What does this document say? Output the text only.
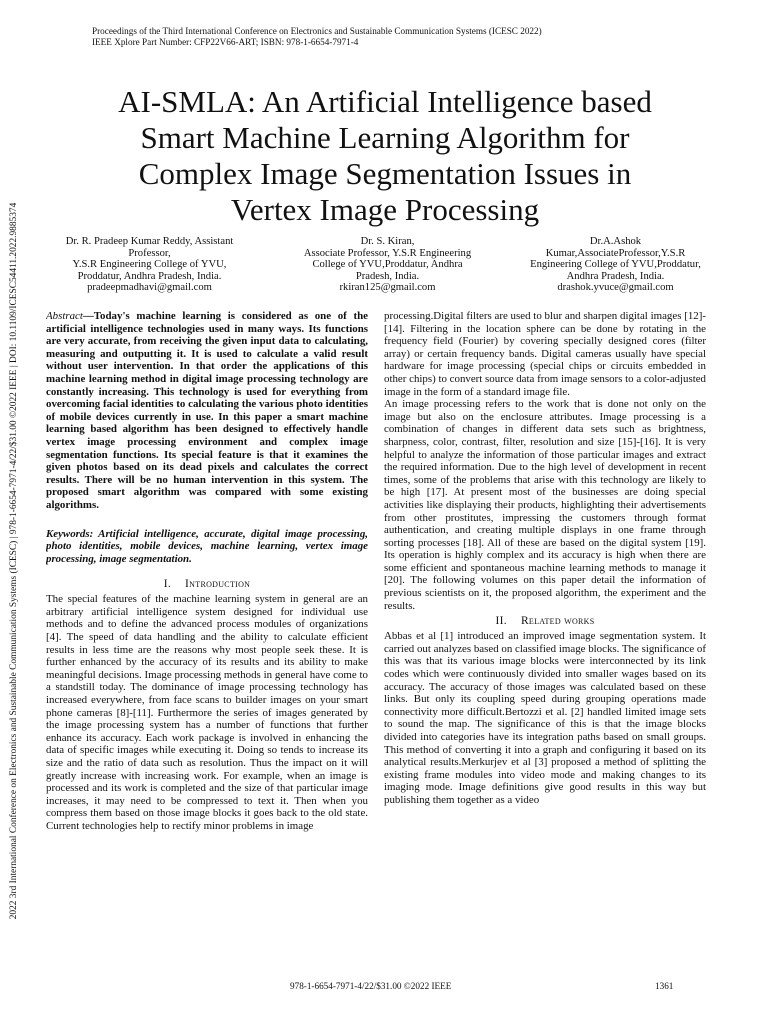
Proceedings of the Third International Conference on Electronics and Sustainable Communication Systems (ICESC 2022)
IEEE Xplore Part Number: CFP22V66-ART; ISBN: 978-1-6654-7971-4
2022 3rd International Conference on Electronics and Sustainable Communication Systems (ICESC) | 978-1-6654-7971-4/22/$31.00 ©2022 IEEE | DOI: 10.1109/ICESC54411.2022.9885374
AI-SMLA: An Artificial Intelligence based
Smart Machine Learning Algorithm for
Complex Image Segmentation Issues in
Vertex Image Processing
Dr. R. Pradeep Kumar Reddy, Assistant
Professor,
Y.S.R Engineering College of YVU,
Proddatur, Andhra Pradesh, India.
pradeepmadhavi@gmail.com
Dr. S. Kiran,
Associate Professor, Y.S.R Engineering
College of YVU,Proddatur, Andhra
Pradesh, India.
rkiran125@gmail.com
Dr.A.Ashok
Kumar,AssociateProfessor,Y.S.R
Engineering College of YVU,Proddatur,
Andhra Pradesh, India.
drashok.yvuce@gmail.com

Abstract—Today's machine learning is considered as one of the artificial intelligence technologies used in many ways. Its functions are very accurate, from receiving the given input data to calculating, measuring and outputting it. It is used to calculate a valid result without user intervention. In that order the applications of this machine learning method in digital image processing technology are constantly increasing. This technology is used for everything from overcoming facial identities to calculating the various photo identities of mobile devices currently in use. In this paper a smart machine learning based algorithm has been designed to effectively handle vertex image processing environment and complex image segmentation functions. Its special feature is that it examines the given photos based on its dead pixels and calculates the correct results. There will be no human intervention in this system. The proposed smart algorithm was compared with some existing algorithms.

Keywords: Artificial intelligence, accurate, digital image processing, photo identities, mobile devices, machine learning, vertex image processing, image segmentation.

I. Introduction

The special features of the machine learning system in general are an arbitrary artificial intelligence system designed for individual use methods and to define the advanced process modules of organizations [4]. The speed of data handling and the ability to calculate efficient results in less time are the reasons why most people seek these. It is further enhanced by the accuracy of its results and its ability to make meaningful decisions. Image processing methods in general have come to a standstill today. The dominance of image processing technology has increased everywhere, from face scans to builder images on your smart phone cameras [8]-[11]. Furthermore the series of images generated by the image processing system has a number of functions that further enhance its accuracy. Each work package is involved in enhancing the data of specific images while executing it. Doing so tends to increase its size and the ratio of data such as resolution. Thus the impact on it will greatly increase with increasing work. For example, when an image is processed and its work is completed and the size of that particular image increases, it may need to be compressed to text it. Then when you compress them based on those image blocks it goes back to the old state. Current technologies help to rectify minor problems in image

processing.Digital filters are used to blur and sharpen digital images [12]-[14]. Filtering in the location sphere can be done by rotating in the frequency field (Fourier) by covering specially designed cores (filter array) or certain frequency bands. Digital cameras usually have special hardware for image processing (special chips or circuits embedded in other chips) to convert source data from image sensors to a color-adjusted image in the form of a standard image file.

An image processing refers to the work that is done not only on the image but also on the enclosure attributes. Image processing is a combination of changes in different data sets such as brightness, sharpness, color, contrast, filter, resolution and size [15]-[16]. It is very helpful to analyze the information of those particular images and extract the required information. Due to the high level of development in recent times, some of the problems that arise with this technology are likely to be high [17]. At present most of the businesses are doing special activities like displaying their products, highlighting their advertisements from other prostitutes, impressing the customers through format authentication, and creating multiple displays in one frame through sorting processes [18]. All of these are based on the digital system [19]. Its operation is highly complex and its accuracy is high when there are some efficient and spontaneous machine learning methods to manage it [20]. The following volumes on this paper detail the information of previous scientists on it, the proposed algorithm, the experiment and the results.

II. Related works

Abbas et al [1] introduced an improved image segmentation system. It carried out analyzes based on classified image blocks. The significance of this was that its various image blocks were interconnected by its link codes which were continuously divided into smaller wages based on its accuracy. The accuracy of those images was calculated based on these links. But only its coupling speed during grouping operations made connectivity more difficult.Bertozzi et al. [2] handled limited image sets to sound the map. The significance of this is that the image blocks divided into categories have its integration paths based on small groups. This method of converting it into a graph and configuring it based on its analytical results.Merkurjev et al [3] proposed a method of splitting the existing frame modules into video mode and making changes to its imaging mode. Image definitions give good results in this way but publishing them together as a video

978-1-6654-7971-4/22/$31.00 ©2022 IEEE	1361
